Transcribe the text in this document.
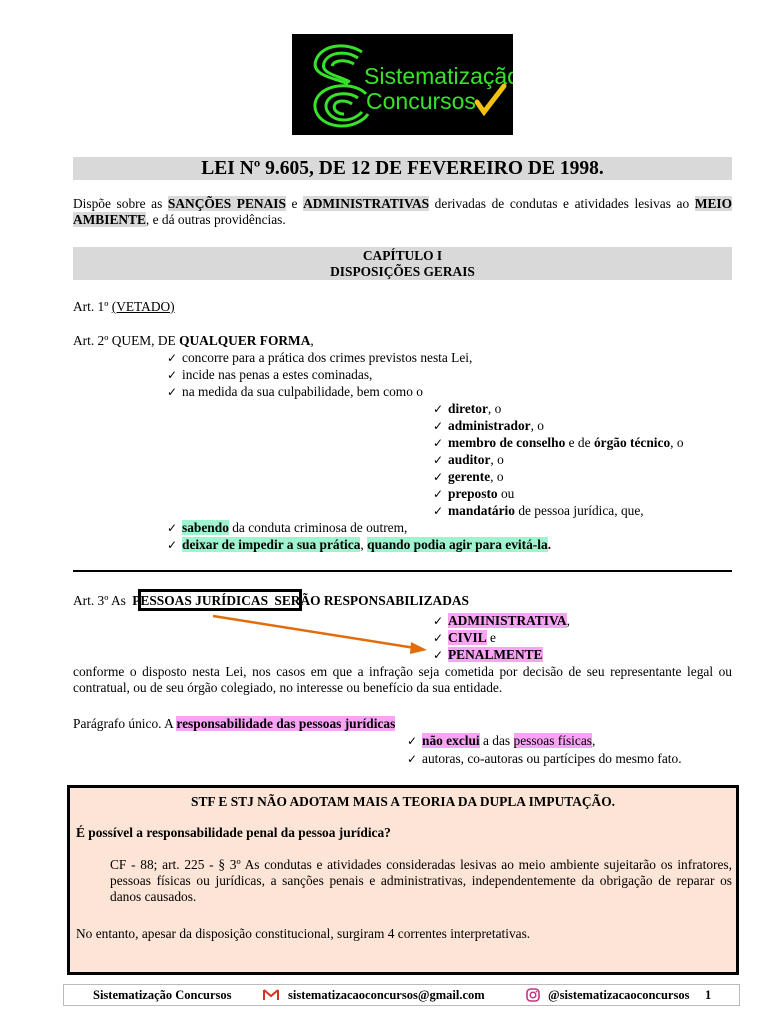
Sistematização
Concursos
LEI Nº 9.605, DE 12 DE FEVEREIRO DE 1998.
Dispõe sobre as SANÇÕES PENAIS e ADMINISTRATIVAS derivadas de condutas e atividades lesivas ao MEIO AMBIENTE, e dá outras providências.
CAPÍTULO I
DISPOSIÇÕES GERAIS
Art. 1º (VETADO)
Art. 2º QUEM, DE QUALQUER FORMA,
✓ concorre para a prática dos crimes previstos nesta Lei,
✓ incide nas penas a estes cominadas,
✓ na medida da sua culpabilidade, bem como o
✓ diretor, o
✓ administrador, o
✓ membro de conselho e de órgão técnico, o
✓ auditor, o
✓ gerente, o
✓ preposto ou
✓ mandatário de pessoa jurídica, que,
✓ sabendo da conduta criminosa de outrem,
✓ deixar de impedir a sua prática, quando podia agir para evitá-la.
Art. 3º As PESSOAS JURÍDICAS SERÃO RESPONSABILIZADAS
✓ ADMINISTRATIVA,
✓ CIVIL e
✓ PENALMENTE
conforme o disposto nesta Lei, nos casos em que a infração seja cometida por decisão de seu representante legal ou contratual, ou de seu órgão colegiado, no interesse ou benefício da sua entidade.
Parágrafo único. A responsabilidade das pessoas jurídicas
✓ não exclui a das pessoas físicas,
✓ autoras, co-autoras ou partícipes do mesmo fato.
STF E STJ NÃO ADOTAM MAIS A TEORIA DA DUPLA IMPUTAÇÃO.
É possível a responsabilidade penal da pessoa jurídica?
CF - 88; art. 225 - § 3º As condutas e atividades consideradas lesivas ao meio ambiente sujeitarão os infratores, pessoas físicas ou jurídicas, a sanções penais e administrativas, independentemente da obrigação de reparar os danos causados.
No entanto, apesar da disposição constitucional, surgiram 4 correntes interpretativas.
Sistematização Concursos	sistematizacaoconcursos@gmail.com	@sistematizacaoconcursos 1
